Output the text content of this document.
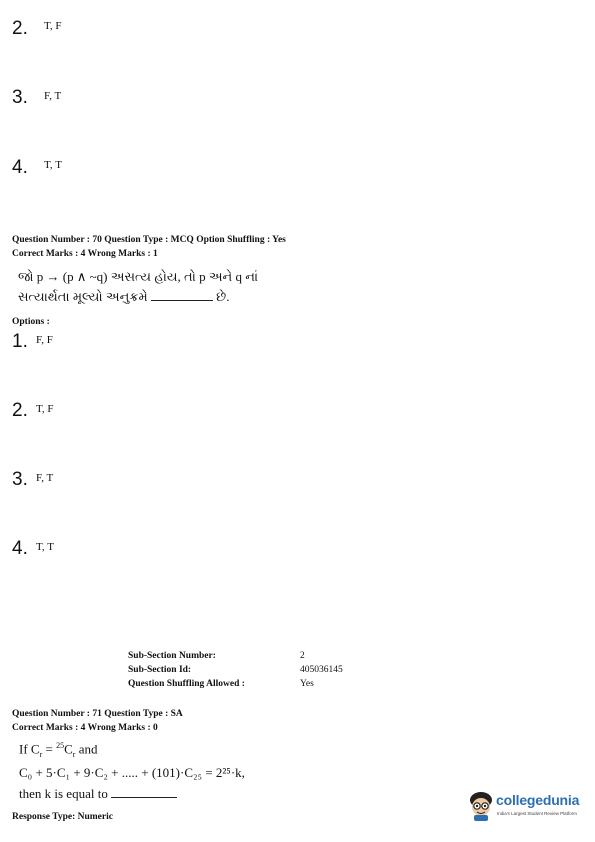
2. T, F
3. F, T
4. T, T
Question Number : 70 Question Type : MCQ Option Shuffling : Yes
Correct Marks : 4 Wrong Marks : 1
જો p → (p ∧ ~q) અસત્ય હોય, તો p અને q નાં
સત્યાર્થતા મૂલ્યો અનુક્રમે	છે.
Options :
1. F, F
2. T, F
3. F, T
4. T, T
Sub-Section Number:	2
Sub-Section Id:	405036145
Question Shuffling Allowed :	Yes
Question Number : 71 Question Type : SA
Correct Marks : 4 Wrong Marks : 0
If $C_r = ^{25}C_r$ and
C₀ + 5·C₁ + 9·C₂ + ..... + (101)·C₂₅ = 2²⁵·k,
then k is equal to
Response Type: Numeric
collegedunia
India's Largest Student Review Platform
